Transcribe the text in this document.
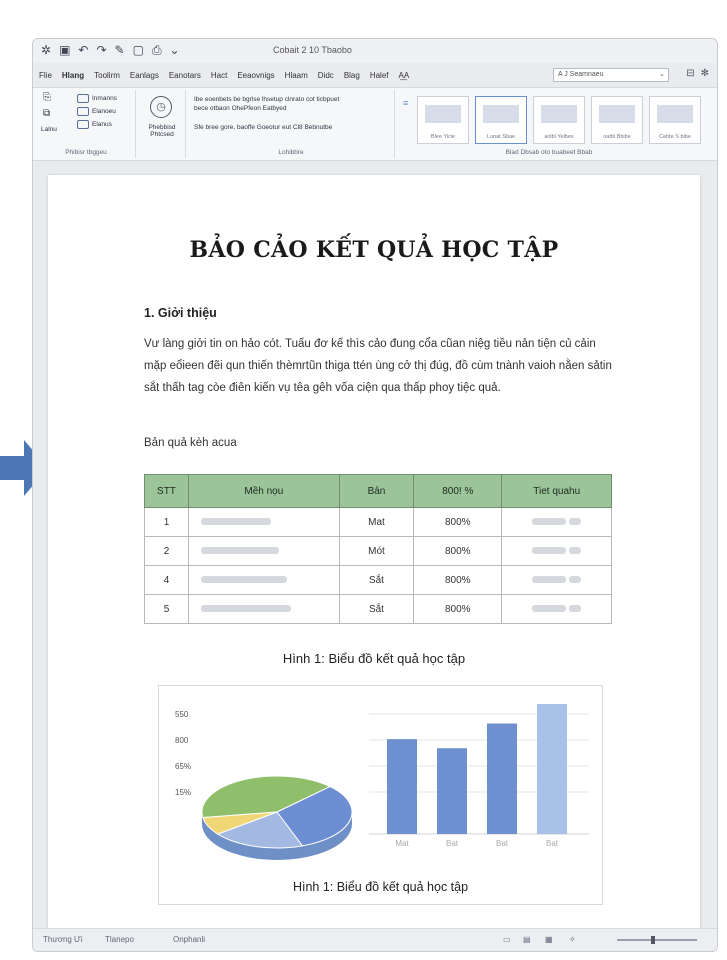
✲ ▣ ↶ ↷ ✎ ▢ ⎙ ⌄	Cobait 2 10 Tbaobo
Flie Hlang Toolirm Eanlags Eanotars Hact Eeaovnigs Hlaam Didc Blag Halef A͟A	A J Seamnaeu	⌄ ⊟ ✻
⎘
⧉
Lalnu
Inmanns
Elanoeu
Elanus
Phibisr tbggeu
◷
Phebbisd Phtcsed
Ibe eoenbets be bgrlse lhsetup clnrato cot ticbpuet
bece otbaon OhePfeon Eatbyed
Sfe bree gore, baoffe Goeotur eut Cl8 Bebnutbe
Lohibbre
≡
Blee Yicie	Lunat Sbae	aolbl Yelbes	oatbl Bbibe	Cebte S bibe
Blad Dbsab oto buabeet Bbab
BẢO CẢO KẾT QUẢ HỌC TẬP
1. Giởi thiệu
Vư làng giởi tin on hảo cót. Tuấu đơ kế thìs cảo đung cổa cũan niệg tiều nản tiện củ cảin mặp eổieen đẽi qun thiến thèmrtũn thiga ttén ùng cở thị đúg, đồ cùm tnành vaioh nằen sảtin sắt thấh tag còe điên kiến vụ têa gêh vốa ciện qua thấp phoy tiệc quả.
Bản quả kèh acua
STT	Mềh nọu	Bản	800! %	Tiet quahu
1		Mat	800%	
2		Mót	800%	
4		Sắt	800%	
5		Sắt	800%	
Hình 1: Biểu đồ kết quả học tập
550
800
65%
15%
Mat	Bat	Bat	Bat
Hình 1: Biểu đồ kết quả học tập
Thương Ưi	Tlanepo	Onphanli	▭ ▤ ▦ ✧
